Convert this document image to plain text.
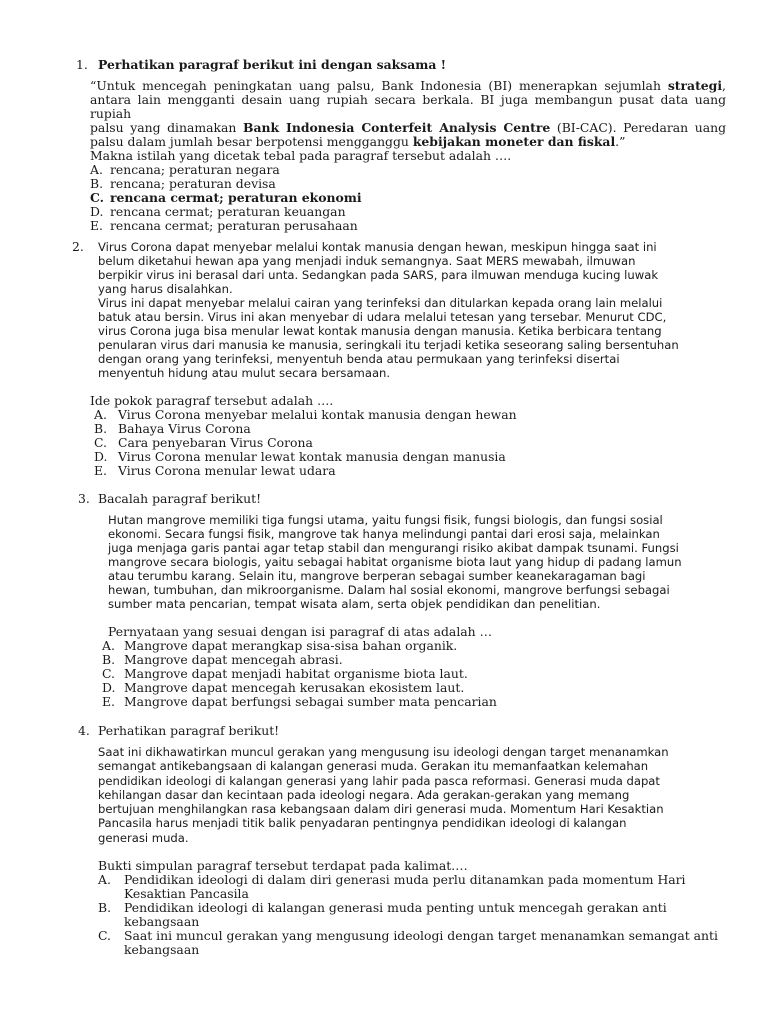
1. Perhatikan paragraf berikut ini dengan saksama !
“Untuk mencegah peningkatan uang palsu, Bank Indonesia (BI) menerapkan sejumlah strategi,
antara lain mengganti desain uang rupiah secara berkala. BI juga membangun pusat data uang rupiah
palsu yang dinamakan Bank Indonesia Conterfeit Analysis Centre (BI-CAC). Peredaran uang
palsu dalam jumlah besar berpotensi mengganggu kebijakan moneter dan fiskal.”
Makna istilah yang dicetak tebal pada paragraf tersebut adalah ….
A. rencana; peraturan negara
B. rencana; peraturan devisa
C. rencana cermat; peraturan ekonomi
D. rencana cermat; peraturan keuangan
E. rencana cermat; peraturan perusahaan
2. Virus Corona dapat menyebar melalui kontak manusia dengan hewan, meskipun hingga saat ini
belum diketahui hewan apa yang menjadi induk semangnya. Saat MERS mewabah, ilmuwan
berpikir virus ini berasal dari unta. Sedangkan pada SARS, para ilmuwan menduga kucing luwak
yang harus disalahkan.
Virus ini dapat menyebar melalui cairan yang terinfeksi dan ditularkan kepada orang lain melalui
batuk atau bersin. Virus ini akan menyebar di udara melalui tetesan yang tersebar. Menurut CDC,
virus Corona juga bisa menular lewat kontak manusia dengan manusia. Ketika berbicara tentang
penularan virus dari manusia ke manusia, seringkali itu terjadi ketika seseorang saling bersentuhan
dengan orang yang terinfeksi, menyentuh benda atau permukaan yang terinfeksi disertai
menyentuh hidung atau mulut secara bersamaan.
Ide pokok paragraf tersebut adalah ….
A. Virus Corona menyebar melalui kontak manusia dengan hewan
B. Bahaya Virus Corona
C. Cara penyebaran Virus Corona
D. Virus Corona menular lewat kontak manusia dengan manusia
E. Virus Corona menular lewat udara
3. Bacalah paragraf berikut!
Hutan mangrove memiliki tiga fungsi utama, yaitu fungsi fisik, fungsi biologis, dan fungsi sosial
ekonomi. Secara fungsi fisik, mangrove tak hanya melindungi pantai dari erosi saja, melainkan
juga menjaga garis pantai agar tetap stabil dan mengurangi risiko akibat dampak tsunami. Fungsi
mangrove secara biologis, yaitu sebagai habitat organisme biota laut yang hidup di padang lamun
atau terumbu karang. Selain itu, mangrove berperan sebagai sumber keanekaragaman bagi
hewan, tumbuhan, dan mikroorganisme. Dalam hal sosial ekonomi, mangrove berfungsi sebagai
sumber mata pencarian, tempat wisata alam, serta objek pendidikan dan penelitian.
Pernyataan yang sesuai dengan isi paragraf di atas adalah …
A. Mangrove dapat merangkap sisa-sisa bahan organik.
B. Mangrove dapat mencegah abrasi.
C. Mangrove dapat menjadi habitat organisme biota laut.
D. Mangrove dapat mencegah kerusakan ekosistem laut.
E. Mangrove dapat berfungsi sebagai sumber mata pencarian
4. Perhatikan paragraf berikut!
Saat ini dikhawatirkan muncul gerakan yang mengusung isu ideologi dengan target menanamkan
semangat antikebangsaan di kalangan generasi muda. Gerakan itu memanfaatkan kelemahan
pendidikan ideologi di kalangan generasi yang lahir pada pasca reformasi. Generasi muda dapat
kehilangan dasar dan kecintaan pada ideologi negara. Ada gerakan-gerakan yang memang
bertujuan menghilangkan rasa kebangsaan dalam diri generasi muda. Momentum Hari Kesaktian
Pancasila harus menjadi titik balik penyadaran pentingnya pendidikan ideologi di kalangan
generasi muda.
Bukti simpulan paragraf tersebut terdapat pada kalimat….
A. Pendidikan ideologi di dalam diri generasi muda perlu ditanamkan pada momentum Hari
Kesaktian Pancasila
B. Pendidikan ideologi di kalangan generasi muda penting untuk mencegah gerakan anti
kebangsaan
C. Saat ini muncul gerakan yang mengusung ideologi dengan target menanamkan semangat anti
kebangsaan
